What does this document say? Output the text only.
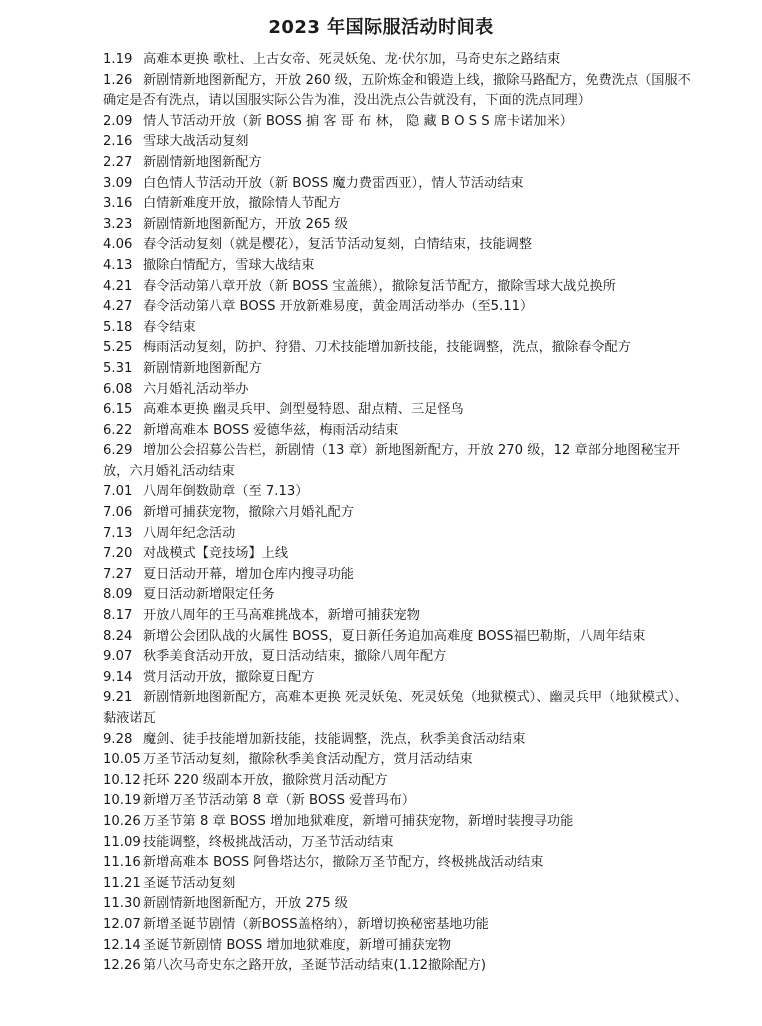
2023 年国际服活动时间表
1.19 高难本更换 歌杜、上古女帝、死灵妖兔、龙·伏尔加，马奇史东之路结束
1.26 新剧情新地图新配方，开放 260 级，五阶炼金和锻造上线，撤除马路配方，免费洗点（国服不确定是否有洗点，请以国服实际公告为准，没出洗点公告就没有，下面的洗点同理）
2.09 情人节活动开放（新 BOSS 掮 客 哥 布 林， 隐 藏 B O S S 席卡诺加米）
2.16 雪球大战活动复刻
2.27 新剧情新地图新配方
3.09 白色情人节活动开放（新 BOSS 魔力费雷西亚），情人节活动结束
3.16 白情新难度开放，撤除情人节配方
3.23 新剧情新地图新配方，开放 265 级
4.06 春令活动复刻（就是樱花），复活节活动复刻，白情结束，技能调整
4.13 撤除白情配方，雪球大战结束
4.21 春令活动第八章开放（新 BOSS 宝盖熊），撤除复活节配方，撤除雪球大战兑换所
4.27 春令活动第八章 BOSS 开放新难易度，黄金周活动举办（至5.11）
5.18 春令结束
5.25 梅雨活动复刻，防护、狩猎、刀术技能增加新技能，技能调整，洗点，撤除春令配方
5.31 新剧情新地图新配方
6.08 六月婚礼活动举办
6.15 高难本更换 幽灵兵甲、剑型曼特恩、甜点精、三足怪鸟
6.22 新增高难本 BOSS 爱德华兹，梅雨活动结束
6.29 增加公会招募公告栏，新剧情（13 章）新地图新配方，开放 270 级，12 章部分地图秘宝开放，六月婚礼活动结束
7.01 八周年倒数勋章（至 7.13）
7.06 新增可捕获宠物，撤除六月婚礼配方
7.13 八周年纪念活动
7.20 对战模式【竞技场】上线
7.27 夏日活动开幕，增加仓库内搜寻功能
8.09 夏日活动新增限定任务
8.17 开放八周年的王马高难挑战本，新增可捕获宠物
8.24 新增公会团队战的火属性 BOSS，夏日新任务追加高难度 BOSS福巴勒斯，八周年结束
9.07 秋季美食活动开放，夏日活动结束，撤除八周年配方
9.14 赏月活动开放，撤除夏日配方
9.21 新剧情新地图新配方，高难本更换 死灵妖兔、死灵妖兔（地狱模式）、幽灵兵甲（地狱模式）、黏液诺瓦
9.28 魔剑、徒手技能增加新技能，技能调整，洗点，秋季美食活动结束
10.05 万圣节活动复刻，撤除秋季美食活动配方，赏月活动结束
10.12 托环 220 级副本开放，撤除赏月活动配方
10.19 新增万圣节活动第 8 章（新 BOSS 爱普玛布）
10.26 万圣节第 8 章 BOSS 增加地狱难度，新增可捕获宠物，新增时装搜寻功能
11.09 技能调整，终极挑战活动，万圣节活动结束
11.16 新增高难本 BOSS 阿鲁塔达尔，撤除万圣节配方，终极挑战活动结束
11.21 圣诞节活动复刻
11.30 新剧情新地图新配方，开放 275 级
12.07 新增圣诞节剧情（新BOSS盖格纳），新增切换秘密基地功能
12.14 圣诞节新剧情 BOSS 增加地狱难度，新增可捕获宠物
12.26 第八次马奇史东之路开放，圣诞节活动结束(1.12撤除配方)
